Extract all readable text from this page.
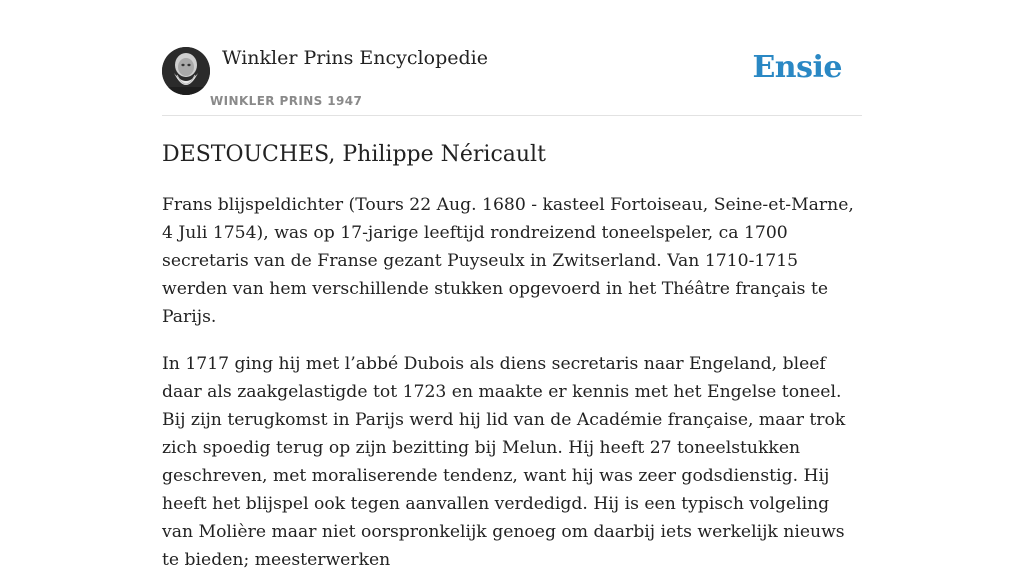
Winkler Prins Encyclopedie
WINKLER PRINS 1947
Ensie
DESTOUCHES, Philippe Néricault

Frans blijspeldichter (Tours 22 Aug. 1680 - kasteel Fortoiseau, Seine-et-Marne, 4 Juli 1754), was op 17-jarige leeftijd rondreizend toneelspeler, ca 1700 secretaris van de Franse gezant Puyseulx in Zwitserland. Van 1710-1715 werden van hem verschillende stukken opgevoerd in het Théâtre français te Parijs.

In 1717 ging hij met l’abbé Dubois als diens secretaris naar Engeland, bleef daar als zaakgelastigde tot 1723 en maakte er kennis met het Engelse toneel. Bij zijn terugkomst in Parijs werd hij lid van de Académie française, maar trok zich spoedig terug op zijn bezitting bij Melun. Hij heeft 27 toneelstukken geschreven, met moraliserende tendenz, want hij was zeer godsdienstig. Hij heeft het blijspel ook tegen aanvallen verdedigd. Hij is een typisch volgeling van Molière maar niet oorspronkelijk genoeg om daarbij iets werkelijk nieuws te bieden; meesterwerken
